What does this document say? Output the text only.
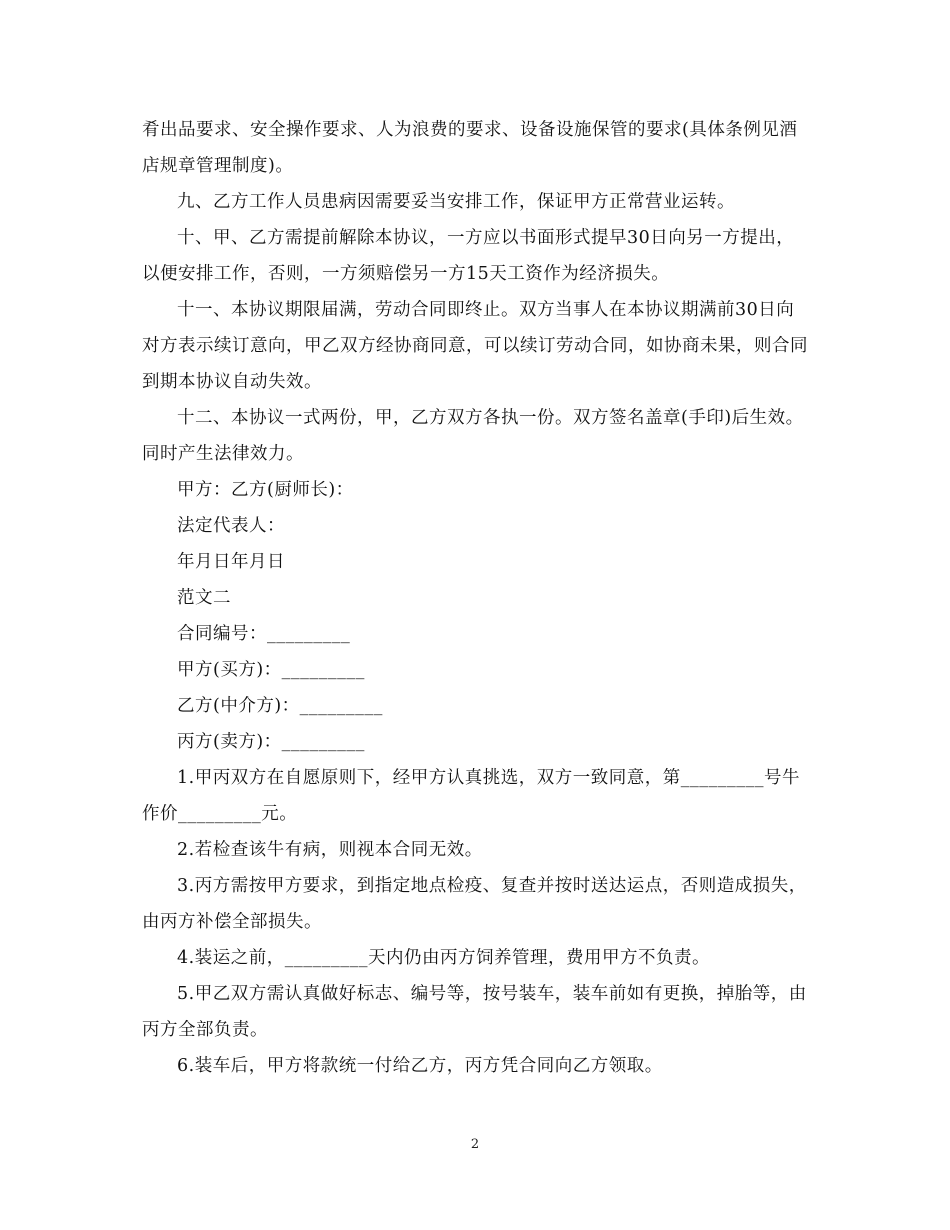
肴出品要求、安全操作要求、人为浪费的要求、设备设施保管的要求(具体条例见酒店规章管理制度)。

九、乙方工作人员患病因需要妥当安排工作，保证甲方正常营业运转。

十、甲、乙方需提前解除本协议，一方应以书面形式提早30日向另一方提出，以便安排工作，否则，一方须赔偿另一方15天工资作为经济损失。

十一、本协议期限届满，劳动合同即终止。双方当事人在本协议期满前30日向对方表示续订意向，甲乙双方经协商同意，可以续订劳动合同，如协商未果，则合同到期本协议自动失效。

十二、本协议一式两份，甲，乙方双方各执一份。双方签名盖章(手印)后生效。同时产生法律效力。

甲方：乙方(厨师长)：

法定代表人：

年月日年月日

范文二

合同编号：_________

甲方(买方)：_________

乙方(中介方)：_________

丙方(卖方)：_________

1.甲丙双方在自愿原则下，经甲方认真挑选，双方一致同意，第_________号牛作价_________元。

2.若检查该牛有病，则视本合同无效。

3.丙方需按甲方要求，到指定地点检疫、复查并按时送达运点，否则造成损失，由丙方补偿全部损失。

4.装运之前，_________天内仍由丙方饲养管理，费用甲方不负责。

5.甲乙双方需认真做好标志、编号等，按号装车，装车前如有更换，掉胎等，由丙方全部负责。

6.装车后，甲方将款统一付给乙方，丙方凭合同向乙方领取。

2
